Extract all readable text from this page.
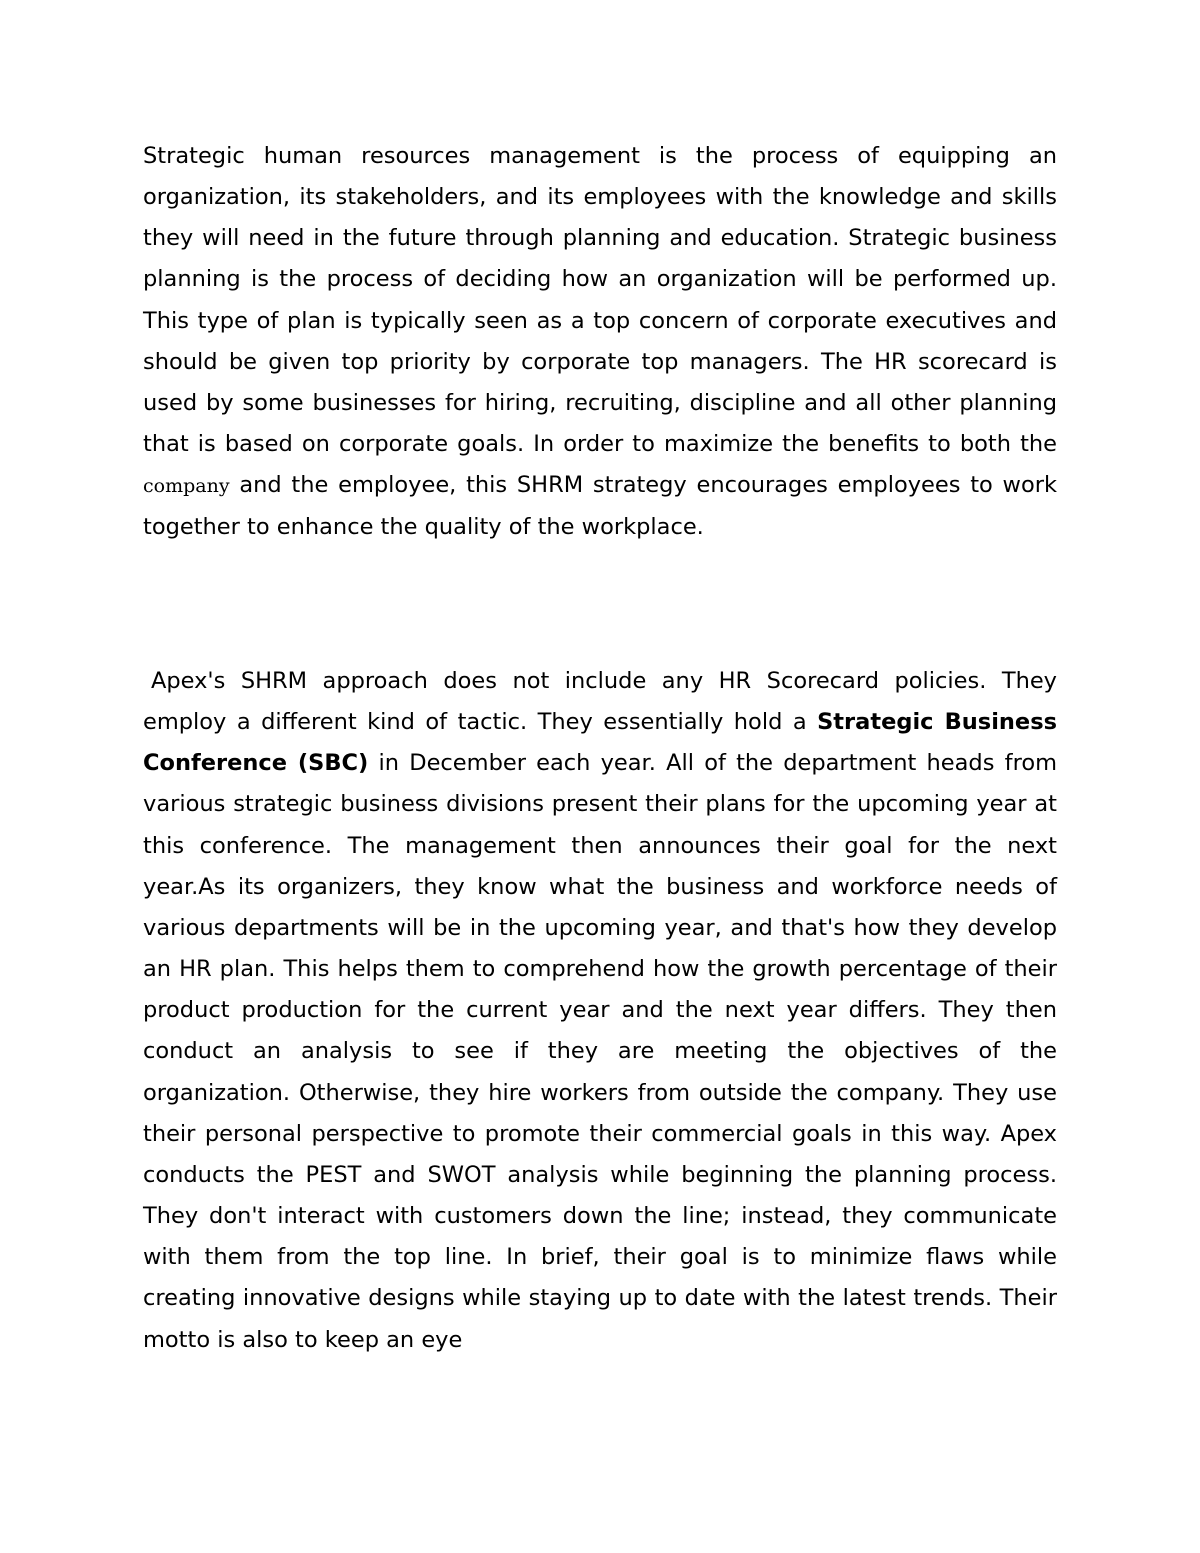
Strategic human resources management is the process of equipping an organization, its stakeholders, and its employees with the knowledge and skills they will need in the future through planning and education. Strategic business planning is the process of deciding how an organization will be performed up. This type of plan is typically seen as a top concern of corporate executives and should be given top priority by corporate top managers. The HR scorecard is used by some businesses for hiring, recruiting, discipline and all other planning that is based on corporate goals. In order to maximize the benefits to both the company and the employee, this SHRM strategy encourages employees to work together to enhance the quality of the workplace.

Apex's SHRM approach does not include any HR Scorecard policies. They employ a different kind of tactic. They essentially hold a Strategic Business Conference (SBC) in December each year. All of the department heads from various strategic business divisions present their plans for the upcoming year at this conference. The management then announces their goal for the next year.As its organizers, they know what the business and workforce needs of various departments will be in the upcoming year, and that's how they develop an HR plan. This helps them to comprehend how the growth percentage of their product production for the current year and the next year differs. They then conduct an analysis to see if they are meeting the objectives of the organization. Otherwise, they hire workers from outside the company. They use their personal perspective to promote their commercial goals in this way. Apex conducts the PEST and SWOT analysis while beginning the planning process. They don't interact with customers down the line; instead, they communicate with them from the top line. In brief, their goal is to minimize flaws while creating innovative designs while staying up to date with the latest trends. Their motto is also to keep an eye
